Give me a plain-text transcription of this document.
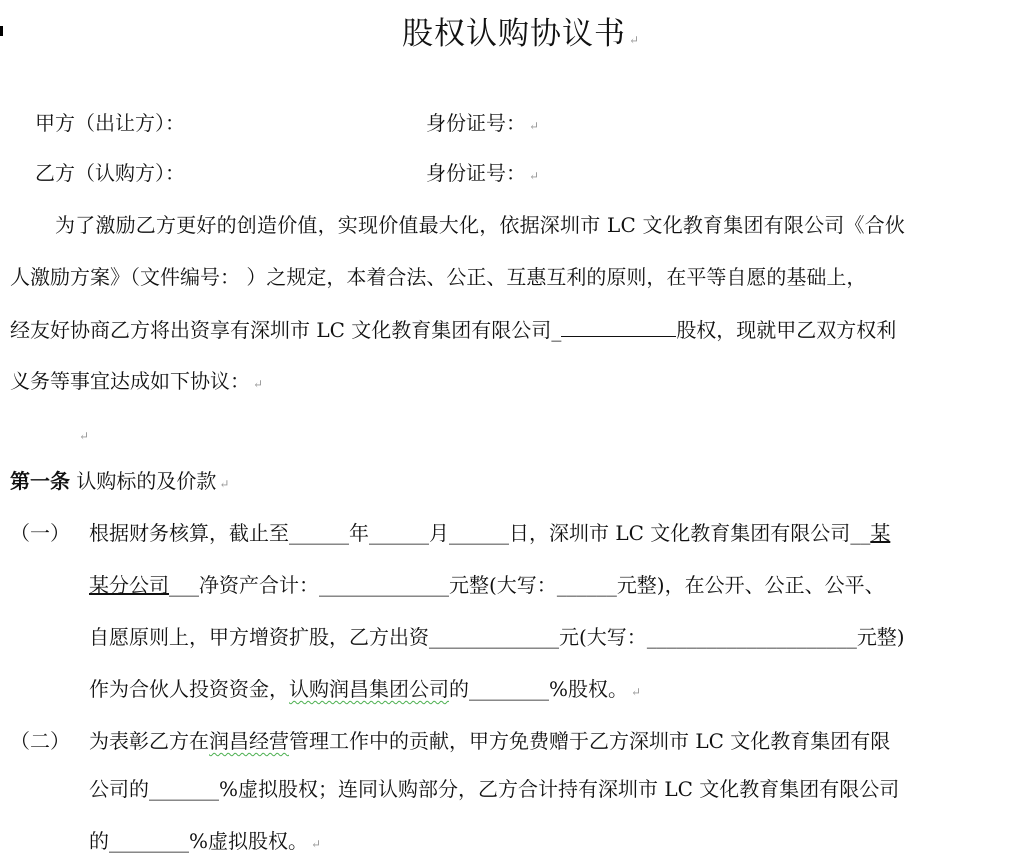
股权认购协议书 ↵
甲方（出让方）：	身份证号： ↵
乙方（认购方）：	身份证号： ↵
为了激励乙方更好的创造价值，实现价值最大化，依据深圳市 LC 文化教育集团有限公司《合伙
人激励方案》（文件编号： ）之规定，本着合法、公正、互惠互利的原则，在平等自愿的基础上，
经友好协商乙方将出资享有深圳市 LC 文化教育集团有限公司_	股权，现就甲乙双方权利
义务等事宜达成如下协议： ↵
↵
第一条 认购标的及价款 ↵
（一） 根据财务核算，截止至______年______月______日，深圳市 LC 文化教育集团有限公司__某
某分公司___净资产合计：_____________元整(大写：______元整)，在公开、公正、公平、
自愿原则上，甲方增资扩股，乙方出资_____________元(大写：_____________________元整)
作为合伙人投资资金，认购润昌集团公司的________%股权。 ↵
（二） 为表彰乙方在润昌经营管理工作中的贡献，甲方免费赠于乙方深圳市 LC 文化教育集团有限
公司的_______%虚拟股权；连同认购部分，乙方合计持有深圳市 LC 文化教育集团有限公司
的________%虚拟股权。 ↵
